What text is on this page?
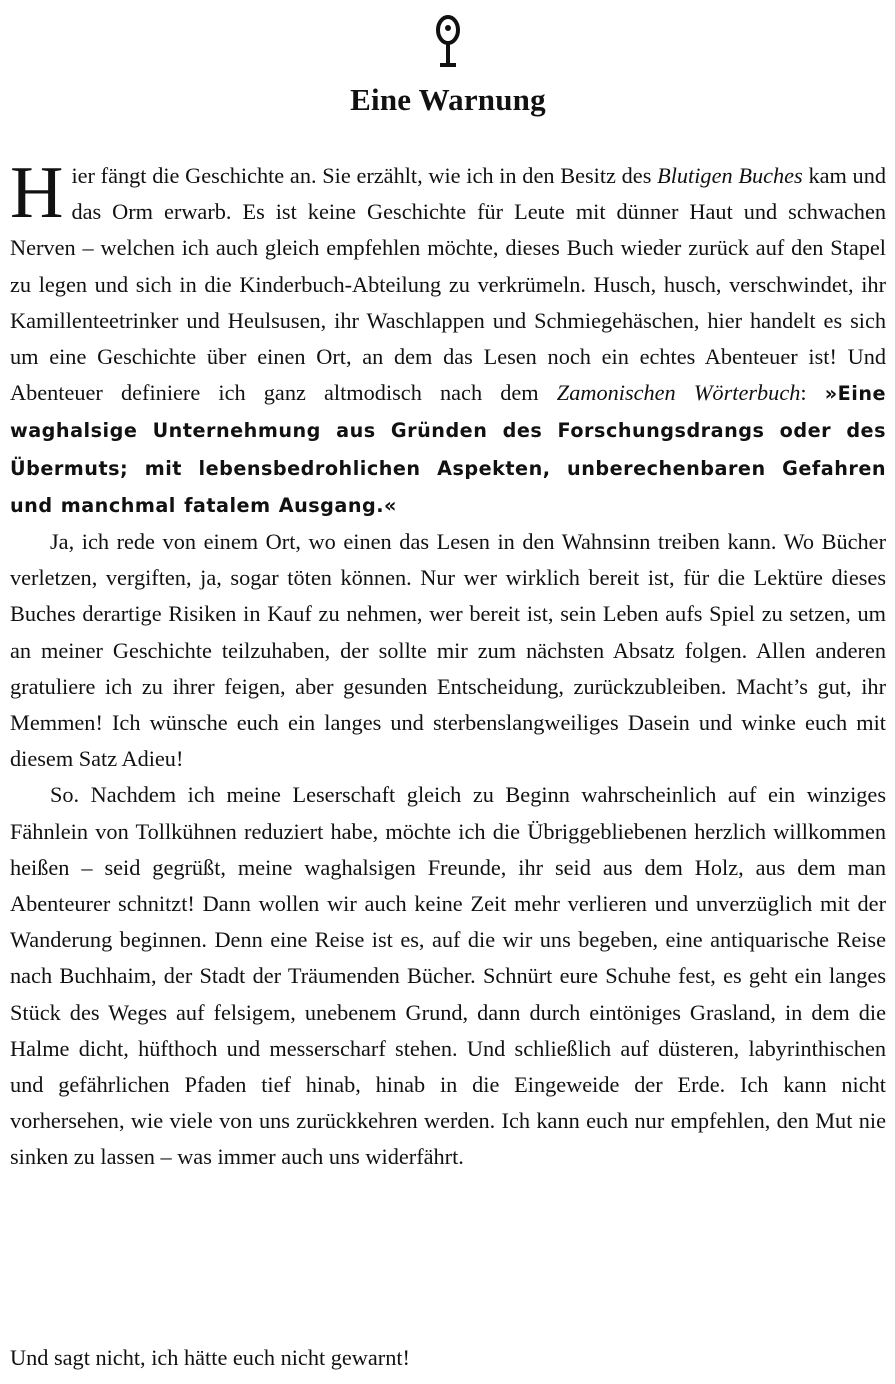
Eine Warnung

Hier fängt die Geschichte an. Sie erzählt, wie ich in den Besitz des Blutigen Buches kam und das Orm erwarb. Es ist keine Geschichte für Leute mit dünner Haut und schwachen Nerven – welchen ich auch gleich empfehlen möchte, dieses Buch wieder zurück auf den Stapel zu legen und sich in die Kinderbuch-Abteilung zu verkrümeln. Husch, husch, verschwindet, ihr Kamillenteetrinker und Heulsusen, ihr Waschlappen und Schmiegehäschen, hier handelt es sich um eine Geschichte über einen Ort, an dem das Lesen noch ein echtes Abenteuer ist! Und Abenteuer definiere ich ganz altmodisch nach dem Zamonischen Wörterbuch: »Eine waghalsige Unternehmung aus Gründen des Forschungsdrangs oder des Übermuts; mit lebensbedrohlichen Aspekten, unberechenbaren Gefahren und manchmal fatalem Ausgang.«

Ja, ich rede von einem Ort, wo einen das Lesen in den Wahnsinn treiben kann. Wo Bücher verletzen, vergiften, ja, sogar töten können. Nur wer wirklich bereit ist, für die Lektüre dieses Buches derartige Risiken in Kauf zu nehmen, wer bereit ist, sein Leben aufs Spiel zu setzen, um an meiner Geschichte teilzuhaben, der sollte mir zum nächsten Absatz folgen. Allen anderen gratuliere ich zu ihrer feigen, aber gesunden Entscheidung, zurückzubleiben. Macht’s gut, ihr Memmen! Ich wünsche euch ein langes und sterbenslangweiliges Dasein und winke euch mit diesem Satz Adieu!

So. Nachdem ich meine Leserschaft gleich zu Beginn wahrscheinlich auf ein winziges Fähnlein von Tollkühnen reduziert habe, möchte ich die Übriggebliebenen herzlich willkommen heißen – seid gegrüßt, meine waghalsigen Freunde, ihr seid aus dem Holz, aus dem man Abenteurer schnitzt! Dann wollen wir auch keine Zeit mehr verlieren und unverzüglich mit der Wanderung beginnen. Denn eine Reise ist es, auf die wir uns begeben, eine antiquarische Reise nach Buchhaim, der Stadt der Träumenden Bücher. Schnürt eure Schuhe fest, es geht ein langes Stück des Weges auf felsigem, unebenem Grund, dann durch eintöniges Grasland, in dem die Halme dicht, hüfthoch und messerscharf stehen. Und schließlich auf düsteren, labyrinthischen und gefährlichen Pfaden tief hinab, hinab in die Eingeweide der Erde. Ich kann nicht vorhersehen, wie viele von uns zurückkehren werden. Ich kann euch nur empfehlen, den Mut nie sinken zu lassen – was immer auch uns widerfährt.

Und sagt nicht, ich hätte euch nicht gewarnt!
